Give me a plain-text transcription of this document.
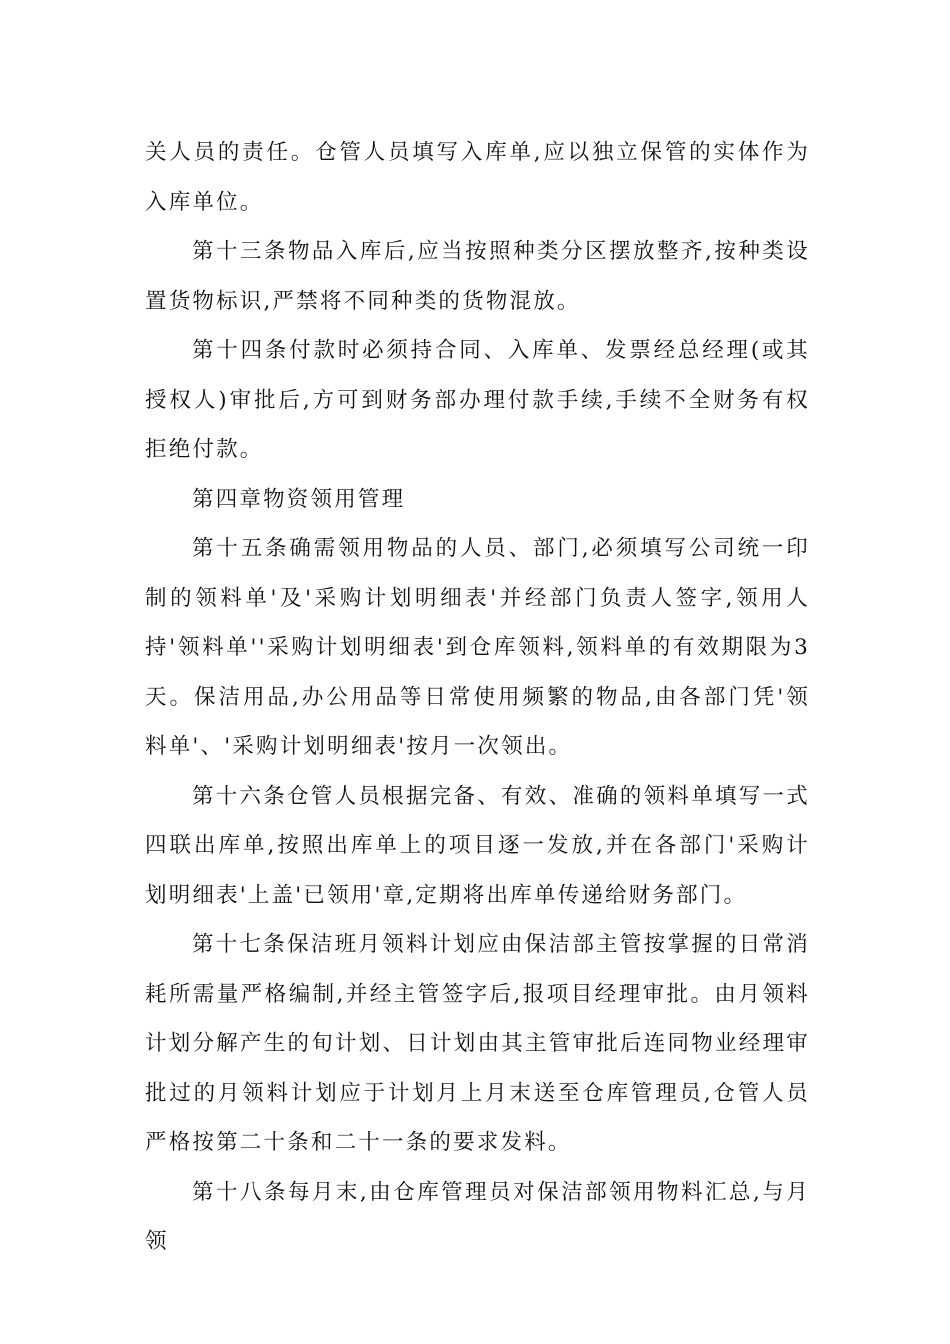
关人员的责任。仓管人员填写入库单,应以独立保管的实体作为入库单位。

第十三条物品入库后,应当按照种类分区摆放整齐,按种类设置货物标识,严禁将不同种类的货物混放。

第十四条付款时必须持合同、入库单、发票经总经理(或其授权人)审批后,方可到财务部办理付款手续,手续不全财务有权拒绝付款。

第四章物资领用管理

第十五条确需领用物品的人员、部门,必须填写公司统一印制的领料单'及'采购计划明细表'并经部门负责人签字,领用人持'领料单''采购计划明细表'到仓库领料,领料单的有效期限为3天。保洁用品,办公用品等日常使用频繁的物品,由各部门凭'领料单'、'采购计划明细表'按月一次领出。

第十六条仓管人员根据完备、有效、准确的领料单填写一式四联出库单,按照出库单上的项目逐一发放,并在各部门'采购计划明细表'上盖'已领用'章,定期将出库单传递给财务部门。

第十七条保洁班月领料计划应由保洁部主管按掌握的日常消耗所需量严格编制,并经主管签字后,报项目经理审批。由月领料计划分解产生的旬计划、日计划由其主管审批后连同物业经理审批过的月领料计划应于计划月上月末送至仓库管理员,仓管人员严格按第二十条和二十一条的要求发料。

第十八条每月末,由仓库管理员对保洁部领用物料汇总,与月领
